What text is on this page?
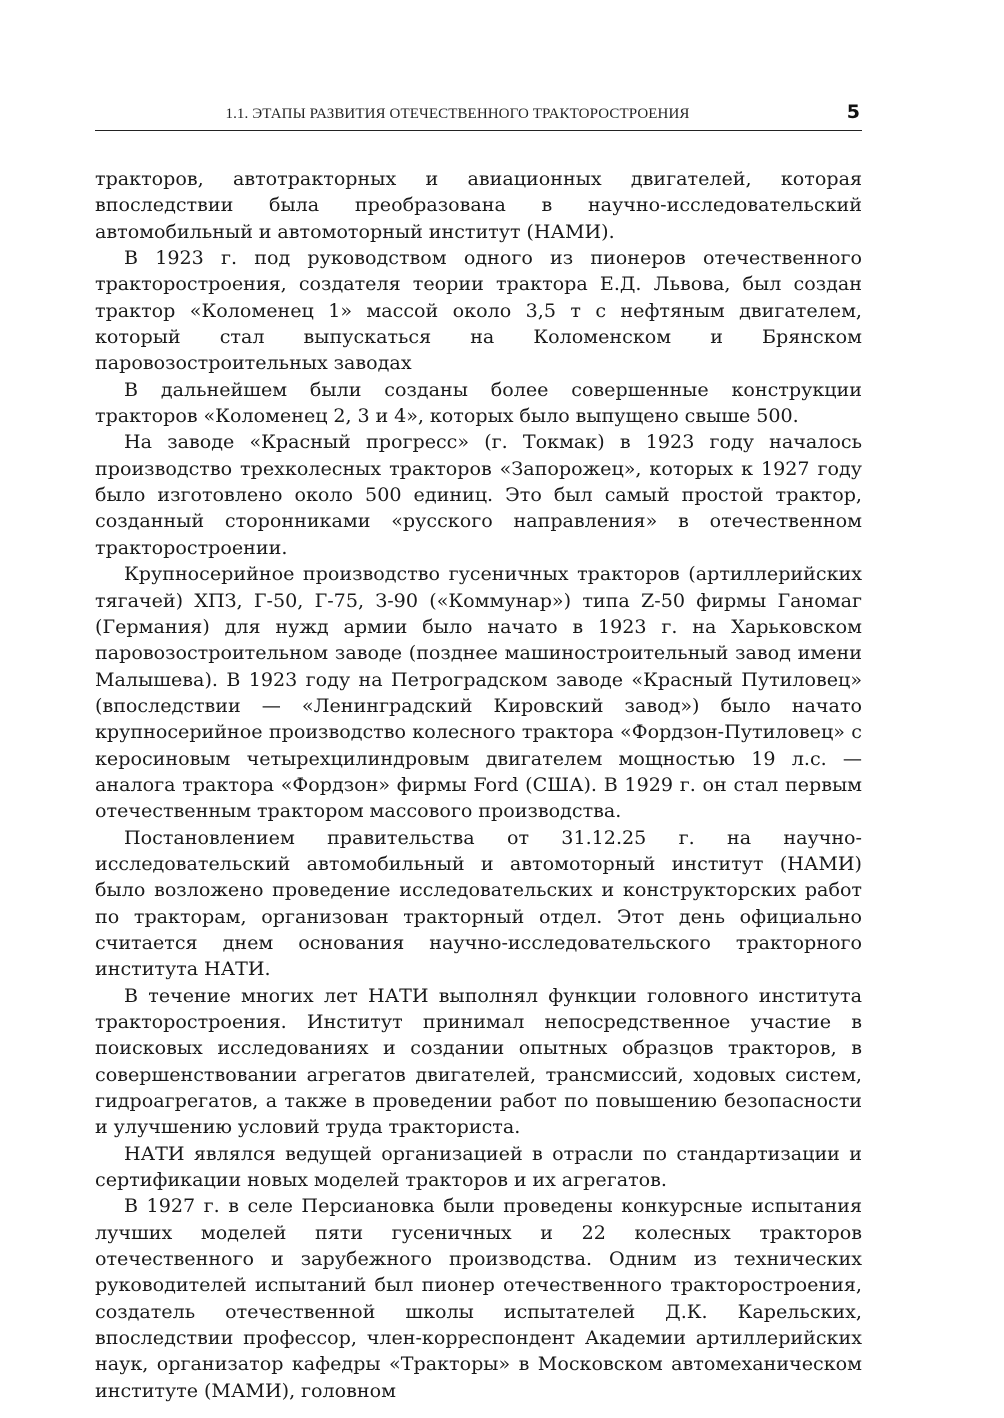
1.1. ЭТАПЫ РАЗВИТИЯ ОТЕЧЕСТВЕННОГО ТРАКТОРОСТРОЕНИЯ	5

тракторов, автотракторных и авиационных двигателей, которая впоследствии была преобразована в научно-исследовательский автомобильный и автомоторный институт (НАМИ).

В 1923 г. под руководством одного из пионеров отечественного тракторостроения, создателя теории трактора Е.Д. Львова, был создан трактор «Коломенец 1» массой около 3,5 т с нефтяным двигателем, который стал выпускаться на Коломенском и Брянском паровозостроительных заводах

В дальнейшем были созданы более совершенные конструкции тракторов «Коломенец 2, 3 и 4», которых было выпущено свыше 500.

На заводе «Красный прогресс» (г. Токмак) в 1923 году началось производство трехколесных тракторов «Запорожец», которых к 1927 году было изготовлено около 500 единиц. Это был самый простой трактор, созданный сторонниками «русского направления» в отечественном тракторостроении.

Крупносерийное производство гусеничных тракторов (артиллерийских тягачей) ХПЗ, Г-50, Г-75, З-90 («Коммунар») типа Z-50 фирмы Ганомаг (Германия) для нужд армии было начато в 1923 г. на Харьковском паровозостроительном заводе (позднее машиностроительный завод имени Малышева). В 1923 году на Петроградском заводе «Красный Путиловец» (впоследствии — «Ленинградский Кировский завод») было начато крупносерийное производство колесного трактора «Фордзон-Путиловец» с керосиновым четырехцилиндровым двигателем мощностью 19 л.с. — аналога трактора «Фордзон» фирмы Ford (США). В 1929 г. он стал первым отечественным трактором массового производства.

Постановлением правительства от 31.12.25 г. на научно-исследовательский автомобильный и автомоторный институт (НАМИ) было возложено проведение исследовательских и конструкторских работ по тракторам, организован тракторный отдел. Этот день официально считается днем основания научно-исследовательского тракторного института НАТИ.

В течение многих лет НАТИ выполнял функции головного института тракторостроения. Институт принимал непосредственное участие в поисковых исследованиях и создании опытных образцов тракторов, в совершенствовании агрегатов двигателей, трансмиссий, ходовых систем, гидроагрегатов, а также в проведении работ по повышению безопасности и улучшению условий труда тракториста.

НАТИ являлся ведущей организацией в отрасли по стандартизации и сертификации новых моделей тракторов и их агрегатов.

В 1927 г. в селе Персиановка были проведены конкурсные испытания лучших моделей пяти гусеничных и 22 колесных тракторов отечественного и зарубежного производства. Одним из технических руководителей испытаний был пионер отечественного тракторостроения, создатель отечественной школы испытателей Д.К. Карельских, впоследствии профессор, член-корреспондент Академии артиллерийских наук, организатор кафедры «Тракторы» в Московском автомеханическом институте (МАМИ), головном
